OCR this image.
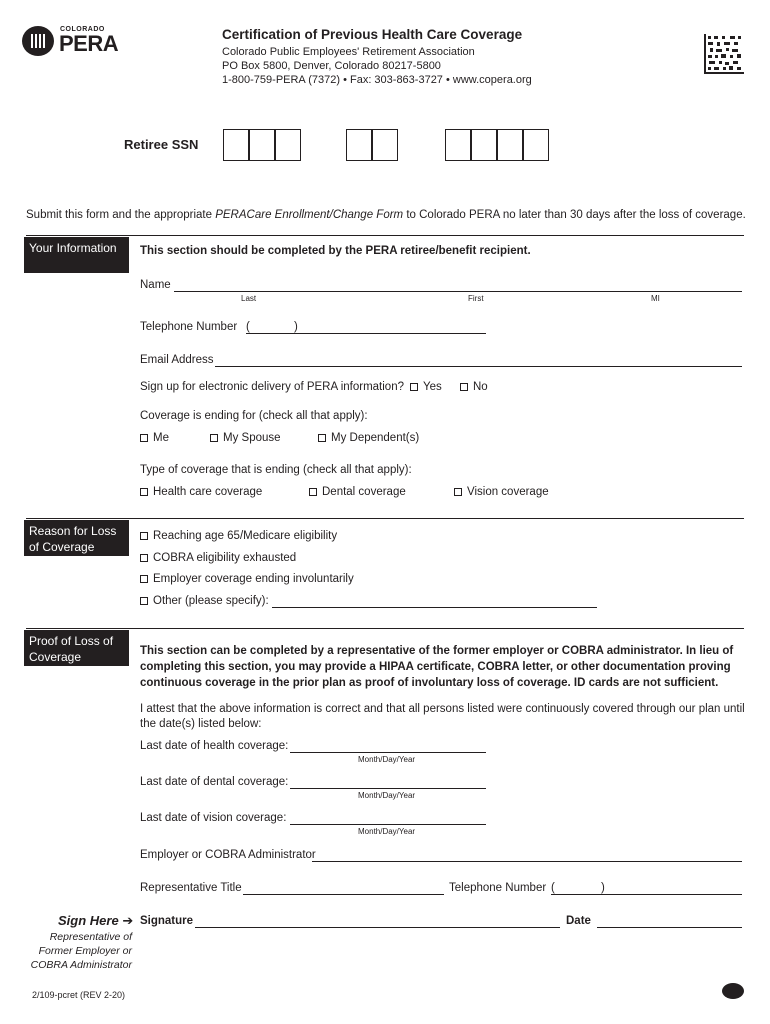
COLORADO
PERA	Certification of Previous Health Care Coverage
Colorado Public Employees' Retirement Association
PO Box 5800, Denver, Colorado 80217-5800
1-800-759-PERA (7372) • Fax: 303-863-3727 • www.copera.org
Retiree SSN
Submit this form and the appropriate PERACare Enrollment/Change Form to Colorado PERA no later than 30 days after the loss of coverage.
Your Information	This section should be completed by the PERA retiree/benefit recipient.
Name
Last	First	MI
Telephone Number (	)
Email Address
Sign up for electronic delivery of PERA information?	Yes	No
Coverage is ending for (check all that apply):
Me	My Spouse	My Dependent(s)
Type of coverage that is ending (check all that apply):
Health care coverage	Dental coverage	Vision coverage
Reason for Loss of Coverage
Reaching age 65/Medicare eligibility
COBRA eligibility exhausted
Employer coverage ending involuntarily
Other (please specify):
Proof of Loss of Coverage	This section can be completed by a representative of the former employer or COBRA administrator. In lieu of completing this section, you may provide a HIPAA certificate, COBRA letter, or other documentation proving continuous coverage in the prior plan as proof of involuntary loss of coverage. ID cards are not sufficient.
I attest that the above information is correct and that all persons listed were continuously covered through our plan until the date(s) listed below:
Last date of health coverage:
Month/Day/Year
Last date of dental coverage:
Month/Day/Year
Last date of vision coverage:
Month/Day/Year
Employer or COBRA Administrator
Representative Title	Telephone Number (	)
Sign Here ➔
Representative of Former Employer or COBRA Administrator
Signature	Date
2/109-pcret (REV 2-20)
